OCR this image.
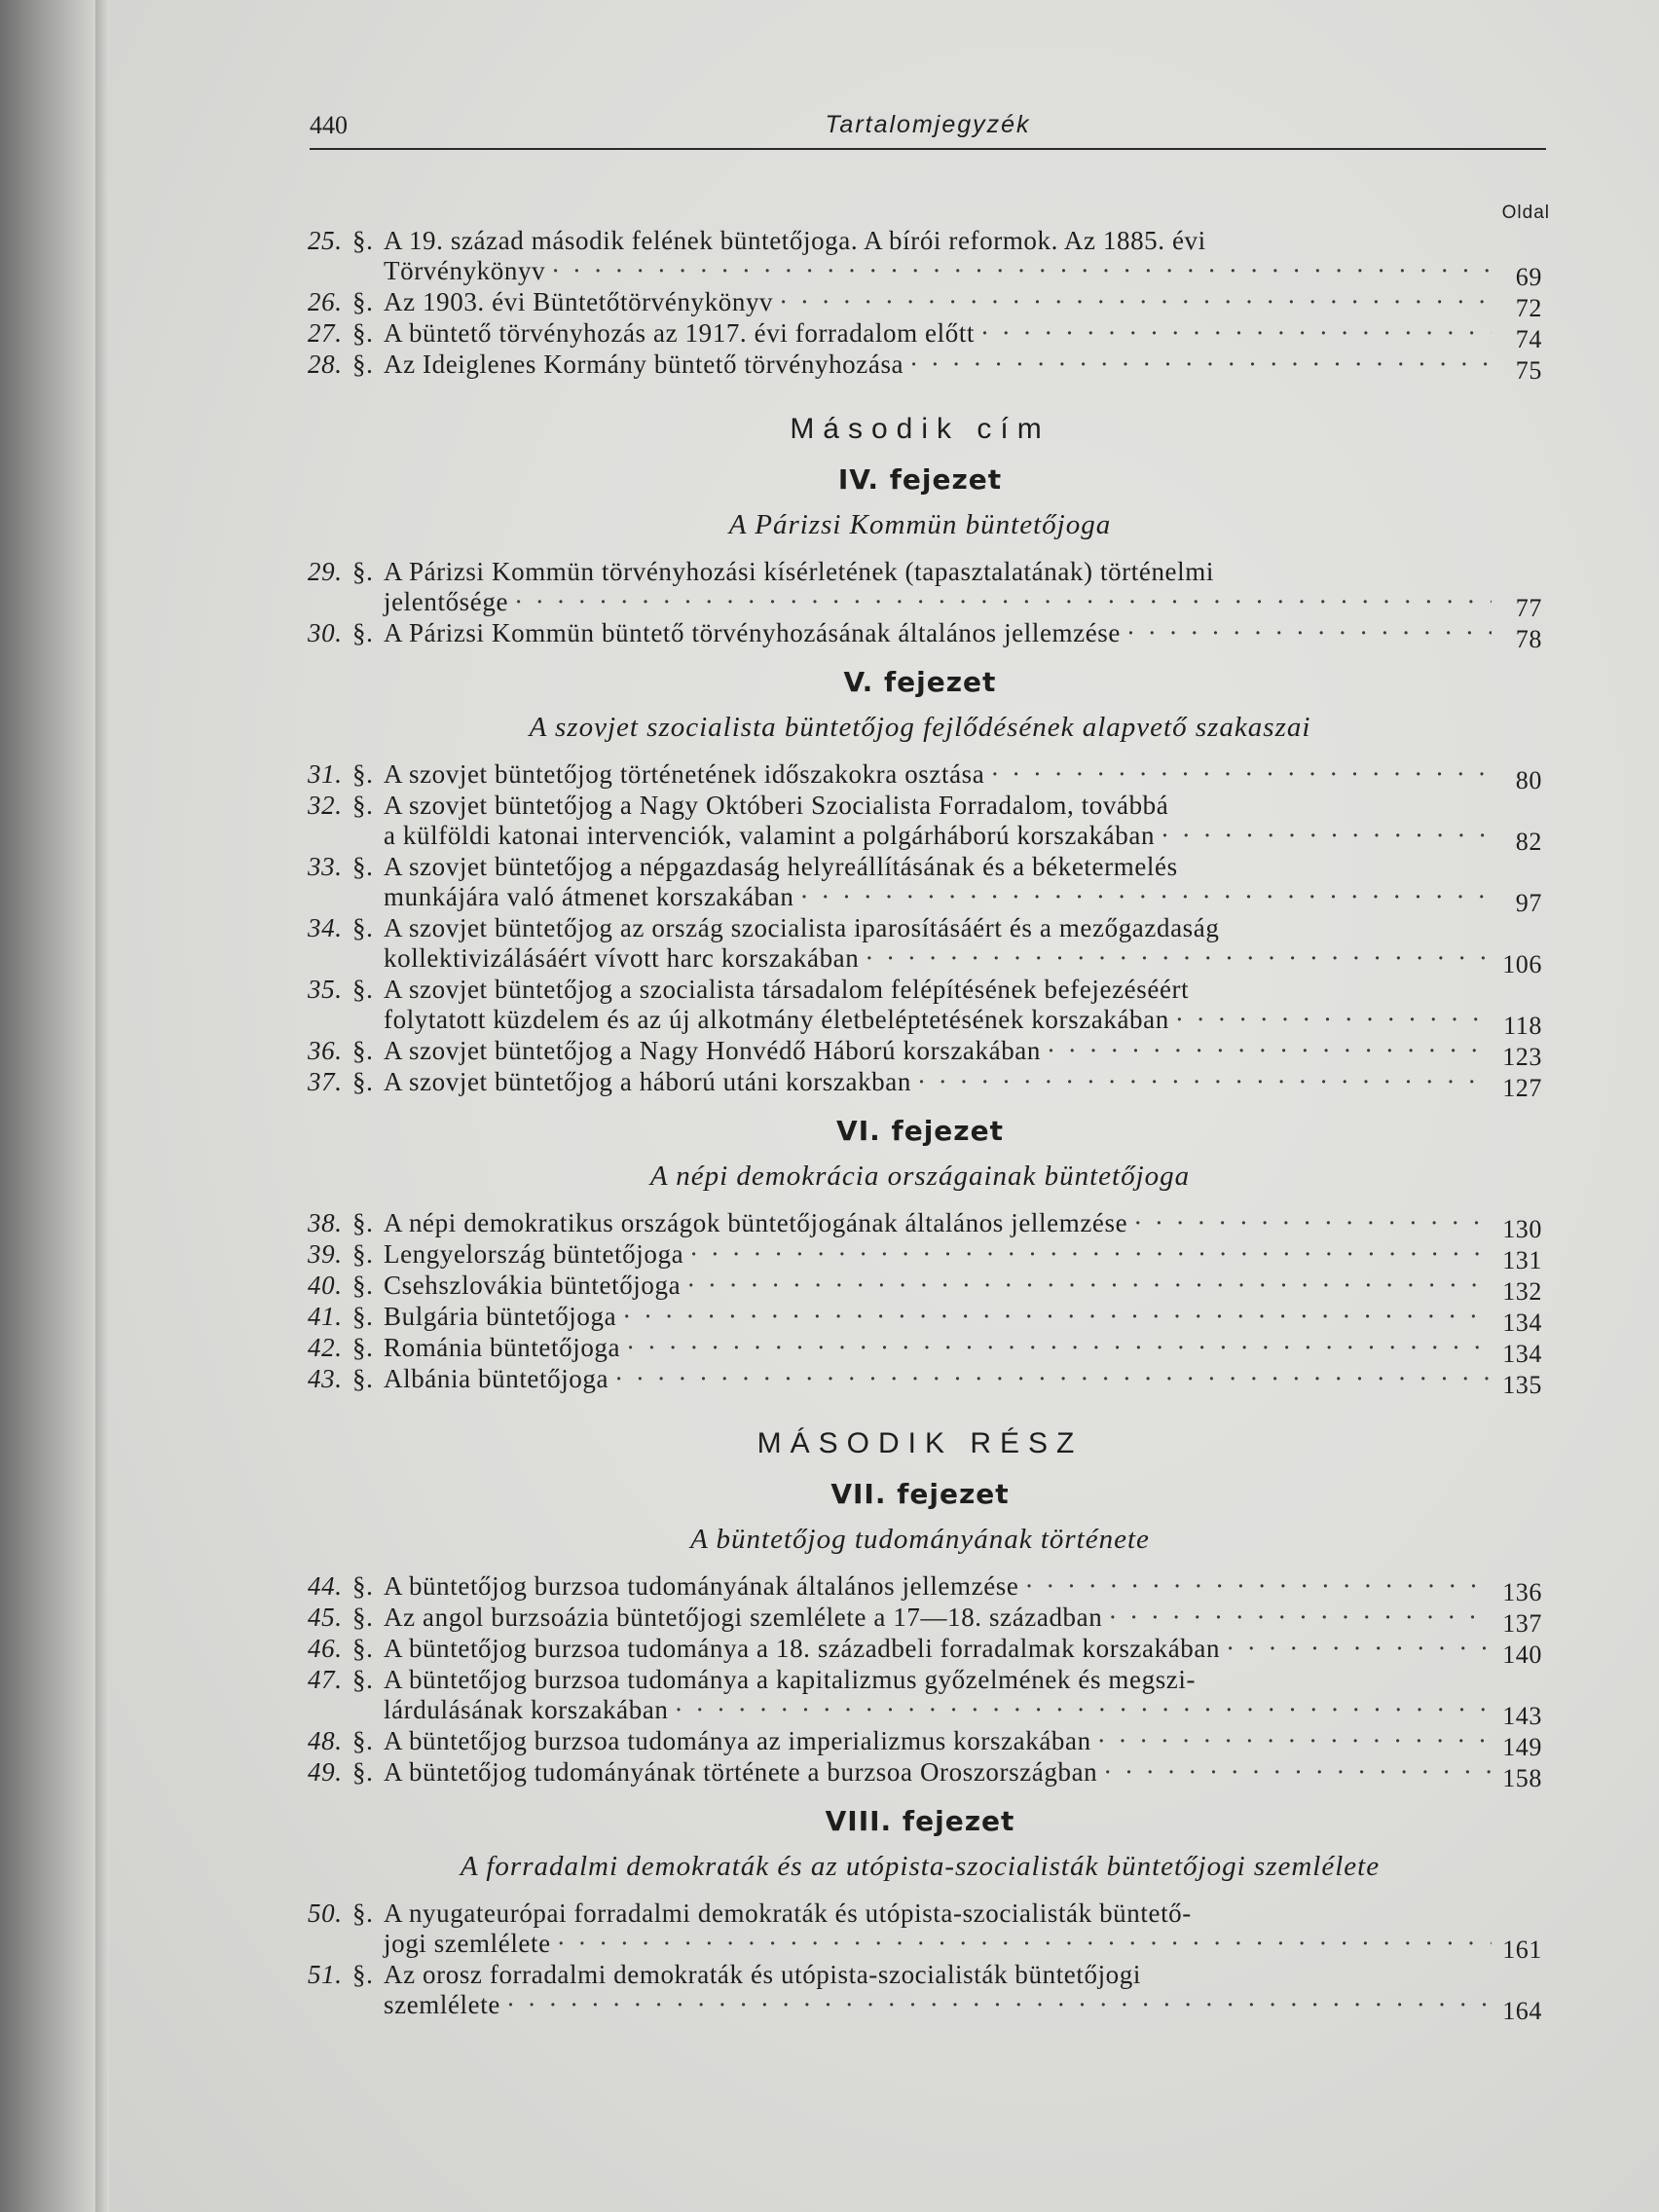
440	Tartalomjegyzék
Oldal
25. §. A 19. század második felének büntetőjoga. A bírói reformok. Az 1885. évi
Törvénykönyv · · ·	69
26. §. Az 1903. évi Büntetőtörvénykönyv · · ·	72
27. §. A büntető törvényhozás az 1917. évi forradalom előtt · · ·	74
28. §. Az Ideiglenes Kormány büntető törvényhozása · · ·	75
Második cím
IV. fejezet
A Párizsi Kommün büntetőjoga
29. §. A Párizsi Kommün törvényhozási kísérletének (tapasztalatának) történelmi
jelentősége · · ·	77
30. §. A Párizsi Kommün büntető törvényhozásának általános jellemzése · · ·	78
V. fejezet
A szovjet szocialista büntetőjog fejlődésének alapvető szakaszai
31. §. A szovjet büntetőjog történetének időszakokra osztása · · ·	80
32. §. A szovjet büntetőjog a Nagy Októberi Szocialista Forradalom, továbbá
a külföldi katonai intervenciók, valamint a polgárháború korszakában · · ·	82
33. §. A szovjet büntetőjog a népgazdaság helyreállításának és a béketermelés
munkájára való átmenet korszakában · · ·	97
34. §. A szovjet büntetőjog az ország szocialista iparosításáért és a mezőgazdaság
kollektivizálásáért vívott harc korszakában · · ·	106
35. §. A szovjet büntetőjog a szocialista társadalom felépítésének befejezéséért
folytatott küzdelem és az új alkotmány életbeléptetésének korszakában · · ·	118
36. §. A szovjet büntetőjog a Nagy Honvédő Háború korszakában · · ·	123
37. §. A szovjet büntetőjog a háború utáni korszakban · · ·	127
VI. fejezet
A népi demokrácia országainak büntetőjoga
38. §. A népi demokratikus országok büntetőjogának általános jellemzése · · ·	130
39. §. Lengyelország büntetőjoga · · ·	131
40. §. Csehszlovákia büntetőjoga · · ·	132
41. §. Bulgária büntetőjoga · · ·	134
42. §. Románia büntetőjoga · · ·	134
43. §. Albánia büntetőjoga · · ·	135
MÁSODIK RÉSZ
VII. fejezet
A büntetőjog tudományának története
44. §. A büntetőjog burzsoa tudományának általános jellemzése · · ·	136
45. §. Az angol burzsoázia büntetőjogi szemlélete a 17—18. században · · ·	137
46. §. A büntetőjog burzsoa tudománya a 18. századbeli forradalmak korszakában · · ·	140
47. §. A büntetőjog burzsoa tudománya a kapitalizmus győzelmének és megszi-
lárdulásának korszakában · · ·	143
48. §. A büntetőjog burzsoa tudománya az imperializmus korszakában · · ·	149
49. §. A büntetőjog tudományának története a burzsoa Oroszországban · · ·	158
VIII. fejezet
A forradalmi demokraták és az utópista-szocialisták büntetőjogi szemlélete
50. §. A nyugateurópai forradalmi demokraták és utópista-szocialisták büntető-
jogi szemlélete · · ·	161
51. §. Az orosz forradalmi demokraták és utópista-szocialisták büntetőjogi
szemlélete · · ·	164
